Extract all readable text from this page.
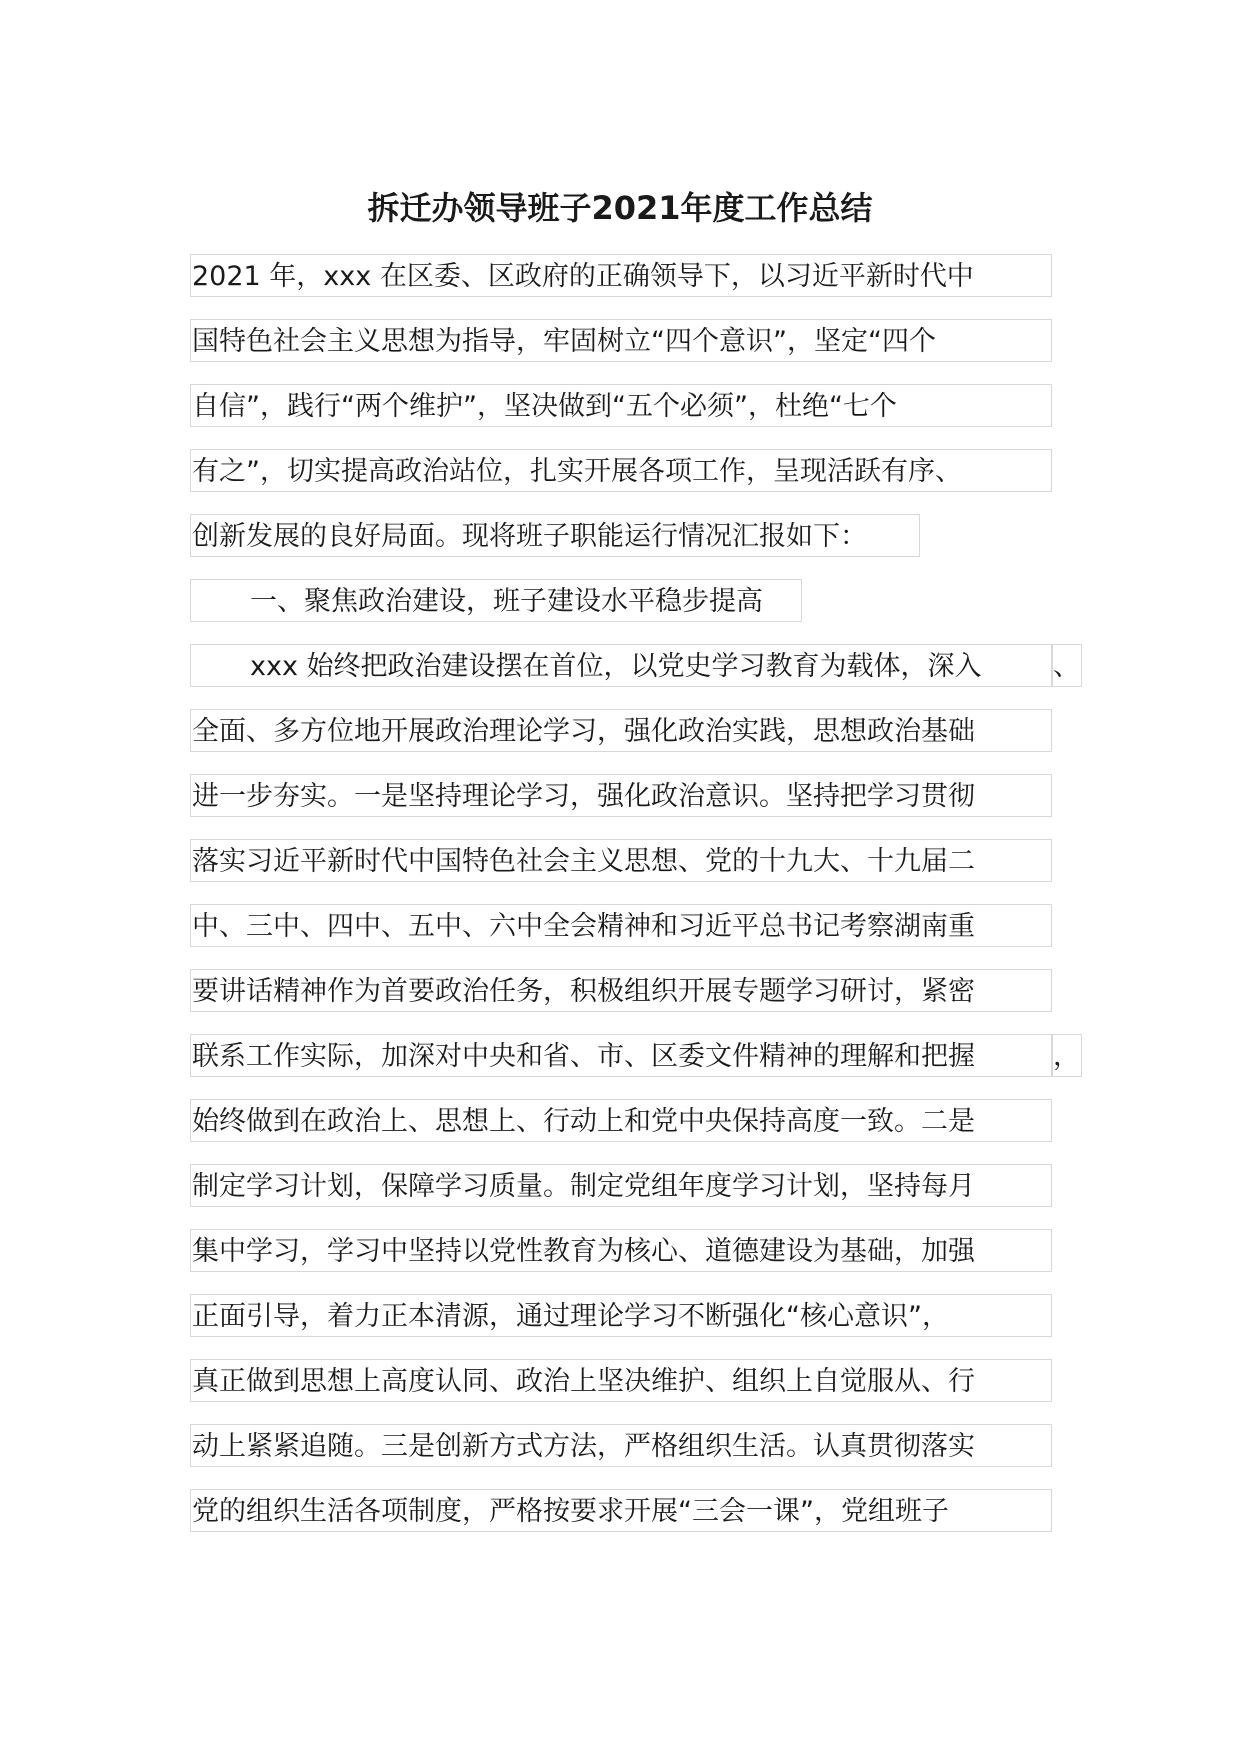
拆迁办领导班子2021年度工作总结
2021 年，xxx 在区委、区政府的正确领导下，以习近平新时代中
国特色社会主义思想为指导，牢固树立“四个意识”，坚定“四个
自信”，践行“两个维护”，坚决做到“五个必须”，杜绝“七个
有之”，切实提高政治站位，扎实开展各项工作，呈现活跃有序、
创新发展的良好局面。现将班子职能运行情况汇报如下：
一、聚焦政治建设，班子建设水平稳步提高
xxx 始终把政治建设摆在首位，以党史学习教育为载体，深入	、
全面、多方位地开展政治理论学习，强化政治实践，思想政治基础
进一步夯实。一是坚持理论学习，强化政治意识。坚持把学习贯彻
落实习近平新时代中国特色社会主义思想、党的十九大、十九届二
中、三中、四中、五中、六中全会精神和习近平总书记考察湖南重
要讲话精神作为首要政治任务，积极组织开展专题学习研讨，紧密
联系工作实际，加深对中央和省、市、区委文件精神的理解和把握	，
始终做到在政治上、思想上、行动上和党中央保持高度一致。二是
制定学习计划，保障学习质量。制定党组年度学习计划，坚持每月
集中学习，学习中坚持以党性教育为核心、道德建设为基础，加强
正面引导，着力正本清源，通过理论学习不断强化“核心意识”，
真正做到思想上高度认同、政治上坚决维护、组织上自觉服从、行
动上紧紧追随。三是创新方式方法，严格组织生活。认真贯彻落实
党的组织生活各项制度，严格按要求开展“三会一课”，党组班子
